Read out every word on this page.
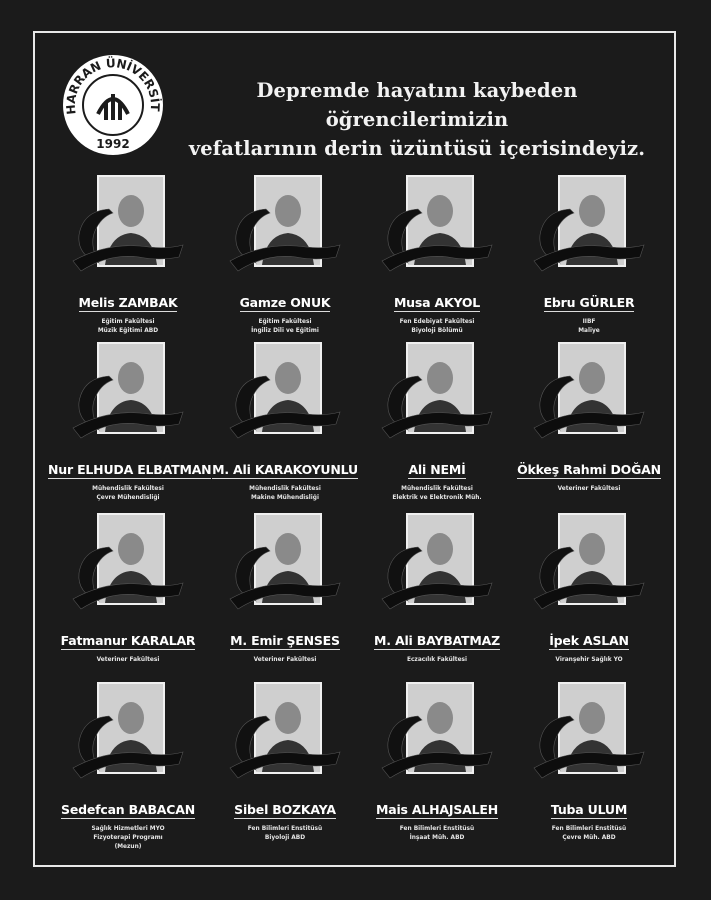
HARRAN ÜNİVERSİT
1992
Depremde hayatını kaybeden öğrencilerimizin
vefatlarının derin üzüntüsü içerisindeyiz.
Melis ZAMBAK
Eğitim Fakültesi
Müzik Eğitimi ABD
Gamze ONUK
Eğitim Fakültesi
İngiliz Dili ve Eğitimi
Musa AKYOL
Fen Edebiyat Fakültesi
Biyoloji Bölümü
Ebru GÜRLER
IIBF
Maliye
Nur ELHUDA ELBATMAN
Mühendislik Fakültesi
Çevre Mühendisliği
M. Ali KARAKOYUNLU
Mühendislik Fakültesi
Makine Mühendisliği
Ali NEMİ
Mühendislik Fakültesi
Elektrik ve Elektronik Müh.
Ökkeş Rahmi DOĞAN
Veteriner Fakültesi
Fatmanur KARALAR
Veteriner Fakültesi
M. Emir ŞENSES
Veteriner Fakültesi
M. Ali BAYBATMAZ
Eczacılık Fakültesi
İpek ASLAN
Viranşehir Sağlık YO
Sedefcan BABACAN
Sağlık Hizmetleri MYO
Fizyoterapi Programı
(Mezun)
Sibel BOZKAYA
Fen Bilimleri Enstitüsü
Biyoloji ABD
Mais ALHAJSALEH
Fen Bilimleri Enstitüsü
İnşaat Müh. ABD
Tuba ULUM
Fen Bilimleri Enstitüsü
Çevre Müh. ABD
